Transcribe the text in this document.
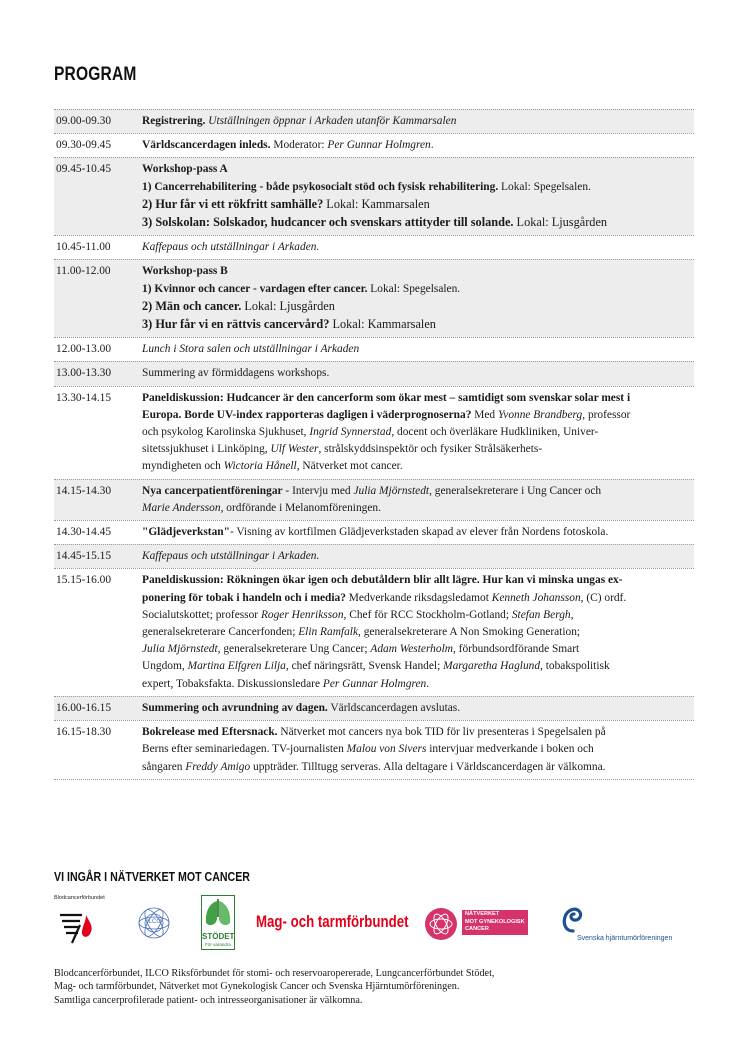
PROGRAM
09.00-09.30	Registrering. Utställningen öppnar i Arkaden utanför Kammarsalen
09.30-09.45	Världscancerdagen inleds. Moderator: Per Gunnar Holmgren.
09.45-10.45	Workshop-pass A
1) Cancerrehabilitering - både psykosocialt stöd och fysisk rehabilitering. Lokal: Spegelsalen.
2) Hur får vi ett rökfritt samhälle? Lokal: Kammarsalen
3) Solskolan: Solskador, hudcancer och svenskars attityder till solande. Lokal: Ljusgården
10.45-11.00	Kaffepaus och utställningar i Arkaden.
11.00-12.00	Workshop-pass B
1) Kvinnor och cancer - vardagen efter cancer. Lokal: Spegelsalen.
2) Män och cancer. Lokal: Ljusgården
3) Hur får vi en rättvis cancervård? Lokal: Kammarsalen
12.00-13.00	Lunch i Stora salen och utställningar i Arkaden
13.00-13.30	Summering av förmiddagens workshops.
13.30-14.15	Paneldiskussion: Hudcancer är den cancerform som ökar mest – samtidigt som svenskar solar mest i
Europa. Borde UV-index rapporteras dagligen i väderprognoserna? Med Yvonne Brandberg, professor
och psykolog Karolinska Sjukhuset, Ingrid Synnerstad, docent och överläkare Hudkliniken, Univer-
sitetssjukhuset i Linköping, Ulf Wester, strålskyddsinspektör och fysiker Strålsäkerhets-
myndigheten och Wictoria Hånell, Nätverket mot cancer.
14.15-14.30	Nya cancerpatientföreningar - Intervju med Julia Mjörnstedt, generalsekreterare i Ung Cancer och
Marie Andersson, ordförande i Melanomföreningen.
14.30-14.45	"Glädjeverkstan"- Visning av kortfilmen Glädjeverkstaden skapad av elever från Nordens fotoskola.
14.45-15.15	Kaffepaus och utställningar i Arkaden.
15.15-16.00	Paneldiskussion: Rökningen ökar igen och debutåldern blir allt lägre. Hur kan vi minska ungas ex-
ponering för tobak i handeln och i media? Medverkande riksdagsledamot Kenneth Johansson, (C) ordf.
Socialutskottet; professor Roger Henriksson, Chef för RCC Stockholm-Gotland; Stefan Bergh,
generalsekreterare Cancerfonden; Elin Ramfalk, generalsekreterare A Non Smoking Generation;
Julia Mjörnstedt, generalsekreterare Ung Cancer; Adam Westerholm, förbundsordförande Smart
Ungdom, Martina Elfgren Lilja, chef näringsrätt, Svensk Handel; Margaretha Haglund, tobakspolitisk
expert, Tobaksfakta. Diskussionsledare Per Gunnar Holmgren.
16.00-16.15	Summering och avrundning av dagen. Världscancerdagen avslutas.
16.15-18.30	Bokrelease med Eftersnack. Nätverket mot cancers nya bok TID för liv presenteras i Spegelsalen på
Berns efter seminariedagen. TV-journalisten Malou von Sivers intervjuar medverkande i boken och
sångaren Freddy Amigo uppträder. Tilltugg serveras. Alla deltagare i Världscancerdagen är välkomna.
VI INGÅR I NÄTVERKET MOT CANCER
Blodcancerförbundet
ILCO
STÖDET
För varandra
Mag- och tarmförbundet	NÄTVERKET
MOT GYNEKOLOGISK
CANCER
Svenska hjärntumörföreningen
Blodcancerförbundet, ILCO Riksförbundet för stomi- och reservoaropererade, Lungcancerförbundet Stödet,
Mag- och tarmförbundet, Nätverket mot Gynekologisk Cancer och Svenska Hjärntumörföreningen.
Samtliga cancerprofilerade patient- och intresseorganisationer är välkomna.
